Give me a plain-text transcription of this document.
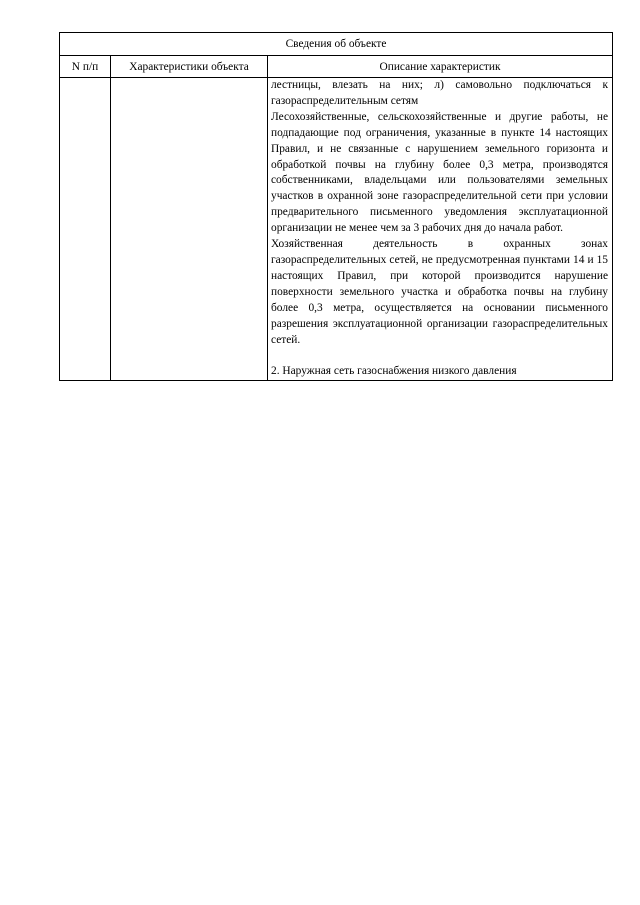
Сведения об объекте		
N п/п	Характеристики объекта	Описание характеристик

		лестницы, влезать на них; л) самовольно подключаться к газораспределительным сетям

Лесохозяйственные, сельскохозяйственные и другие работы, не подпадающие под ограничения, указанные в пункте 14 настоящих Правил, и не связанные с нарушением земельного горизонта и обработкой почвы на глубину более 0,3 метра, производятся собственниками, владельцами или пользователями земельных участков в охранной зоне газораспределительной сети при условии предварительного письменного уведомления эксплуатационной организации не менее чем за 3 рабочих дня до начала работ.

Хозяйственная деятельность в охранных зонах газораспределительных сетей, не предусмотренная пунктами 14 и 15 настоящих Правил, при которой производится нарушение поверхности земельного участка и обработка почвы на глубину более 0,3 метра, осуществляется на основании письменного разрешения эксплуатационной организации газораспределительных сетей.

2. Наружная сеть газоснабжения низкого давления
